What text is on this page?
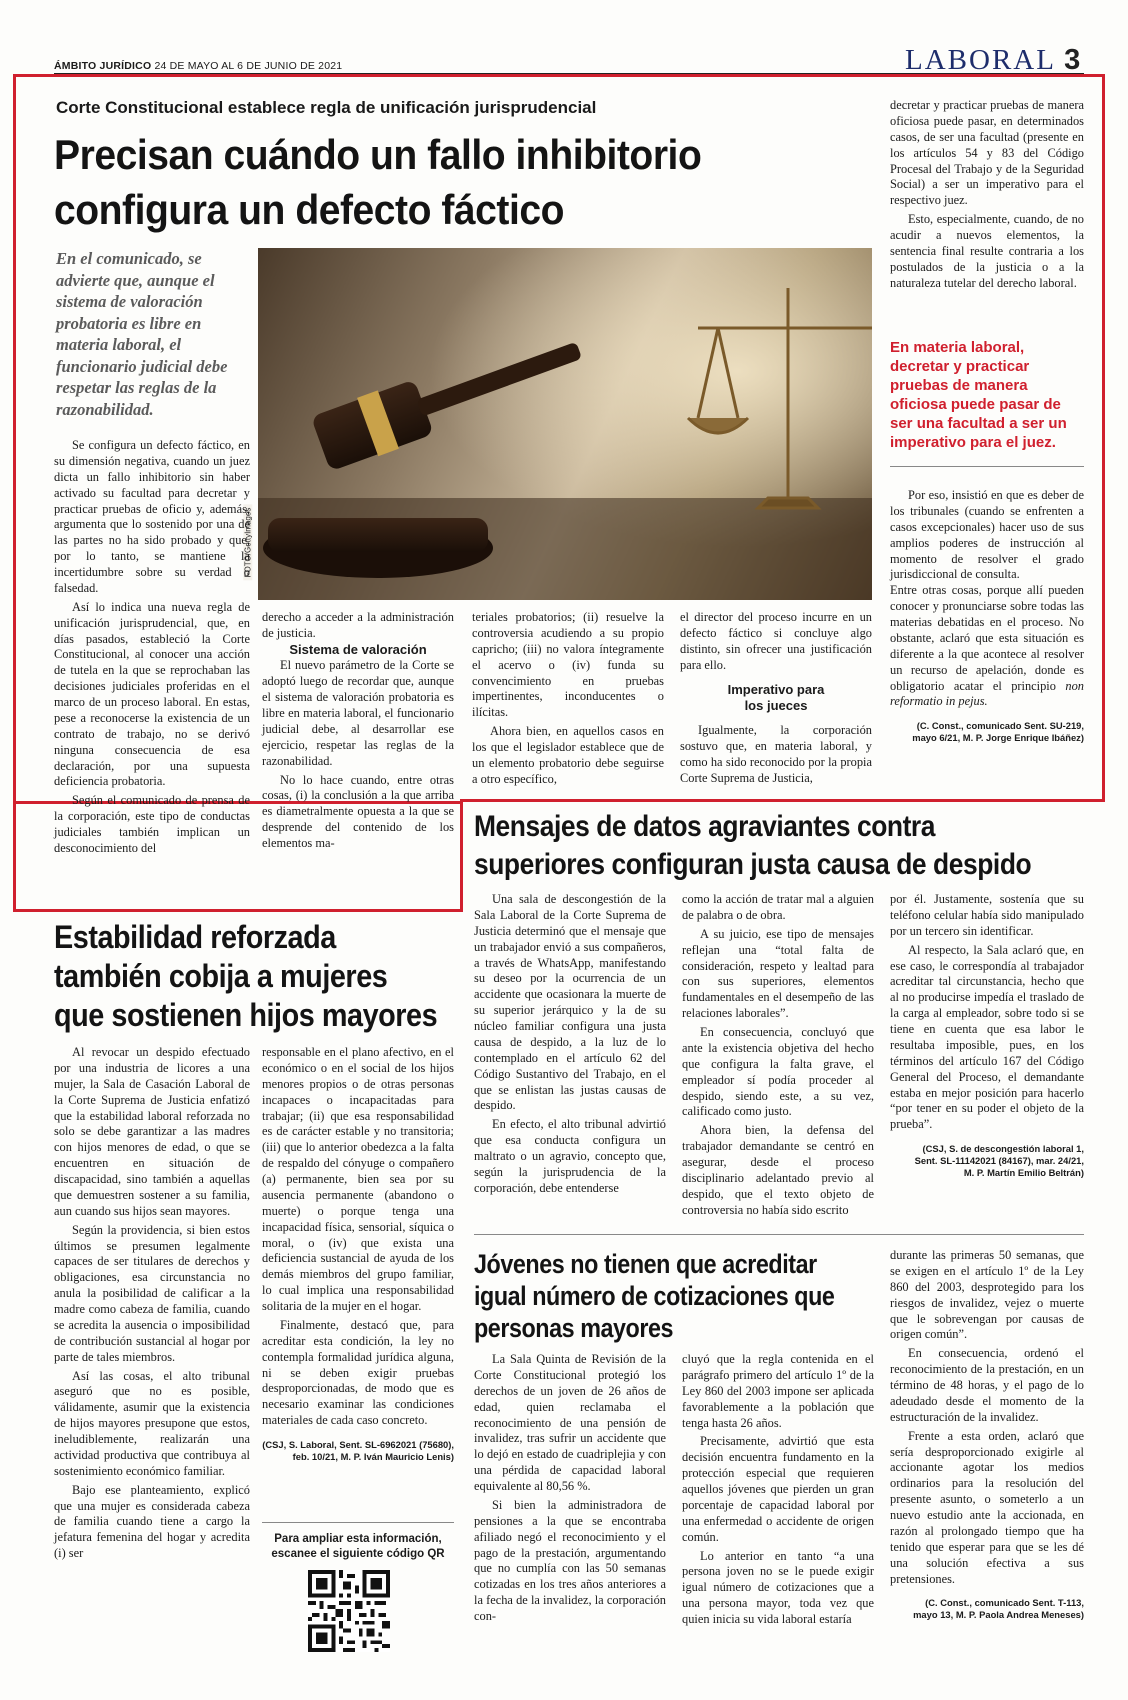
ÁMBITO JURÍDICO 24 DE MAYO AL 6 DE JUNIO DE 2021	LABORAL 3
Corte Constitucional establece regla de unificación jurisprudencial
Precisan cuándo un fallo inhibitorio
configura un defecto fáctico
En el comunicado, se advierte que, aunque el sistema de valoración probatoria es libre en materia laboral, el funcionario judicial debe respetar las reglas de la razonabilidad.
FOTO/GettyImages

Se configura un defecto fáctico, en su dimensión negativa, cuando un juez dicta un fallo inhibitorio sin haber activado su facultad para decretar y practicar pruebas de oficio y, además, argumenta que lo sostenido por una de las partes no ha sido probado y que, por lo tanto, se mantiene la incertidumbre sobre su verdad o falsedad.

Así lo indica una nueva regla de unificación jurisprudencial, que, en días pasados, estableció la Corte Constitucional, al conocer una acción de tutela en la que se reprochaban las decisiones judiciales proferidas en el marco de un proceso laboral. En estas, pese a reconocerse la existencia de un contrato de trabajo, no se derivó ninguna consecuencia de esa declaración, por una supuesta deficiencia probatoria.

Según el comunicado de prensa de la corporación, este tipo de conductas judiciales también implican un desconocimiento del

derecho a acceder a la administración de justicia.

Sistema de valoración

El nuevo parámetro de la Corte se adoptó luego de recordar que, aunque el sistema de valoración probatoria es libre en materia laboral, el funcionario judicial debe, al desarrollar ese ejercicio, respetar las reglas de la razonabilidad.

No lo hace cuando, entre otras cosas, (i) la conclusión a la que arriba es diametralmente opuesta a la que se desprende del contenido de los elementos ma-

teriales probatorios; (ii) resuelve la controversia acudiendo a su propio capricho; (iii) no valora íntegramente el acervo o (iv) funda su convencimiento en pruebas impertinentes, inconducentes o ilícitas.

Ahora bien, en aquellos casos en los que el legislador establece que de un elemento probatorio debe seguirse a otro específico,

el director del proceso incurre en un defecto fáctico si concluye algo distinto, sin ofrecer una justificación para ello.

Imperativo para
los jueces

Igualmente, la corporación sostuvo que, en materia laboral, y como ha sido reconocido por la propia Corte Suprema de Justicia,

decretar y practicar pruebas de manera oficiosa puede pasar, en determinados casos, de ser una facultad (presente en los artículos 54 y 83 del Código Procesal del Trabajo y de la Seguridad Social) a ser un imperativo para el respectivo juez.

Esto, especialmente, cuando, de no acudir a nuevos elementos, la sentencia final resulte contraria a los postulados de la justicia o a la naturaleza tutelar del derecho laboral.

En materia laboral, decretar y practicar pruebas de manera oficiosa puede pasar de ser una facultad a ser un imperativo para el juez.

Por eso, insistió en que es deber de los tribunales (cuando se enfrenten a casos excepcionales) hacer uso de sus amplios poderes de instrucción al momento de resolver el grado jurisdiccional de consulta.

Entre otras cosas, porque allí pueden conocer y pronunciarse sobre todas las materias debatidas en el proceso. No obstante, aclaró que esta situación es diferente a la que acontece al resolver un recurso de apelación, donde es obligatorio acatar el principio non reformatio in pejus.
(C. Const., comunicado Sent. SU-219,
mayo 6/21, M. P. Jorge Enrique Ibáñez)
Mensajes de datos agraviantes contra
superiores configuran justa causa de despido

Una sala de descongestión de la Sala Laboral de la Corte Suprema de Justicia determinó que el mensaje que un trabajador envió a sus compañeros, a través de WhatsApp, manifestando su deseo por la ocurrencia de un accidente que ocasionara la muerte de su superior jerárquico y la de su núcleo familiar configura una justa causa de despido, a la luz de lo contemplado en el artículo 62 del Código Sustantivo del Trabajo, en el que se enlistan las justas causas de despido.

En efecto, el alto tribunal advirtió que esa conducta configura un maltrato o un agravio, concepto que, según la jurisprudencia de la corporación, debe entenderse

como la acción de tratar mal a alguien de palabra o de obra.

A su juicio, ese tipo de mensajes reflejan una “total falta de consideración, respeto y lealtad para con sus superiores, elementos fundamentales en el desempeño de las relaciones laborales”.

En consecuencia, concluyó que ante la existencia objetiva del hecho que configura la falta grave, el empleador sí podía proceder al despido, siendo este, a su vez, calificado como justo.

Ahora bien, la defensa del trabajador demandante se centró en asegurar, desde el proceso disciplinario adelantado previo al despido, que el texto objeto de controversia no había sido escrito

por él. Justamente, sostenía que su teléfono celular había sido manipulado por un tercero sin identificar.

Al respecto, la Sala aclaró que, en ese caso, le correspondía al trabajador acreditar tal circunstancia, hecho que al no producirse impedía el traslado de la carga al empleador, sobre todo si se tiene en cuenta que esa labor le resultaba imposible, pues, en los términos del artículo 167 del Código General del Proceso, el demandante estaba en mejor posición para hacerlo “por tener en su poder el objeto de la prueba”.

(CSJ, S. de descongestión laboral 1,
Sent. SL-11142021 (84167), mar. 24/21,
M. P. Martín Emilio Beltrán)
Estabilidad reforzada
también cobija a mujeres
que sostienen hijos mayores

Al revocar un despido efectuado por una industria de licores a una mujer, la Sala de Casación Laboral de la Corte Suprema de Justicia enfatizó que la estabilidad laboral reforzada no solo se debe garantizar a las madres con hijos menores de edad, o que se encuentren en situación de discapacidad, sino también a aquellas que demuestren sostener a su familia, aun cuando sus hijos sean mayores.

Según la providencia, si bien estos últimos se presumen legalmente capaces de ser titulares de derechos y obligaciones, esa circunstancia no anula la posibilidad de calificar a la madre como cabeza de familia, cuando se acredita la ausencia o imposibilidad de contribución sustancial al hogar por parte de tales miembros.

Así las cosas, el alto tribunal aseguró que no es posible, válidamente, asumir que la existencia de hijos mayores presupone que estos, ineludiblemente, realizarán una actividad productiva que contribuya al sostenimiento económico familiar.

Bajo ese planteamiento, explicó que una mujer es considerada cabeza de familia cuando tiene a cargo la jefatura femenina del hogar y acredita (i) ser

responsable en el plano afectivo, en el económico o en el social de los hijos menores propios o de otras personas incapaces o incapacitadas para trabajar; (ii) que esa responsabilidad es de carácter estable y no transitoria; (iii) que lo anterior obedezca a la falta de respaldo del cónyuge o compañero (a) permanente, bien sea por su ausencia permanente (abandono o muerte) o porque tenga una incapacidad física, sensorial, síquica o moral, o (iv) que exista una deficiencia sustancial de ayuda de los demás miembros del grupo familiar, lo cual implica una responsabilidad solitaria de la mujer en el hogar.

Finalmente, destacó que, para acreditar esta condición, la ley no contempla formalidad jurídica alguna, ni se deben exigir pruebas desproporcionadas, de modo que es necesario examinar las condiciones materiales de cada caso concreto.

(CSJ, S. Laboral, Sent. SL-6962021 (75680),
feb. 10/21, M. P. Iván Mauricio Lenis)
Para ampliar esta información,
escanee el siguiente código QR
Jóvenes no tienen que acreditar
igual número de cotizaciones que
personas mayores

La Sala Quinta de Revisión de la Corte Constitucional protegió los derechos de un joven de 26 años de edad, quien reclamaba el reconocimiento de una pensión de invalidez, tras sufrir un accidente que lo dejó en estado de cuadriplejia y con una pérdida de capacidad laboral equivalente al 80,56 %.

Si bien la administradora de pensiones a la que se encontraba afiliado negó el reconocimiento y el pago de la prestación, argumentando que no cumplía con las 50 semanas cotizadas en los tres años anteriores a la fecha de la invalidez, la corporación con-

cluyó que la regla contenida en el parágrafo primero del artículo 1º de la Ley 860 del 2003 impone ser aplicada favorablemente a la población que tenga hasta 26 años.

Precisamente, advirtió que esta decisión encuentra fundamento en la protección especial que requieren aquellos jóvenes que pierden un gran porcentaje de capacidad laboral por una enfermedad o accidente de origen común.

Lo anterior en tanto “a una persona joven no se le puede exigir igual número de cotizaciones que a una persona mayor, toda vez que quien inicia su vida laboral estaría

durante las primeras 50 semanas, que se exigen en el artículo 1º de la Ley 860 del 2003, desprotegido para los riesgos de invalidez, vejez o muerte que le sobrevengan por causas de origen común”.

En consecuencia, ordenó el reconocimiento de la prestación, en un término de 48 horas, y el pago de lo adeudado desde el momento de la estructuración de la invalidez.

Frente a esta orden, aclaró que sería desproporcionado exigirle al accionante agotar los medios ordinarios para la resolución del presente asunto, o someterlo a un nuevo estudio ante la accionada, en razón al prolongado tiempo que ha tenido que esperar para que se les dé una solución efectiva a sus pretensiones.

(C. Const., comunicado Sent. T-113,
mayo 13, M. P. Paola Andrea Meneses)
